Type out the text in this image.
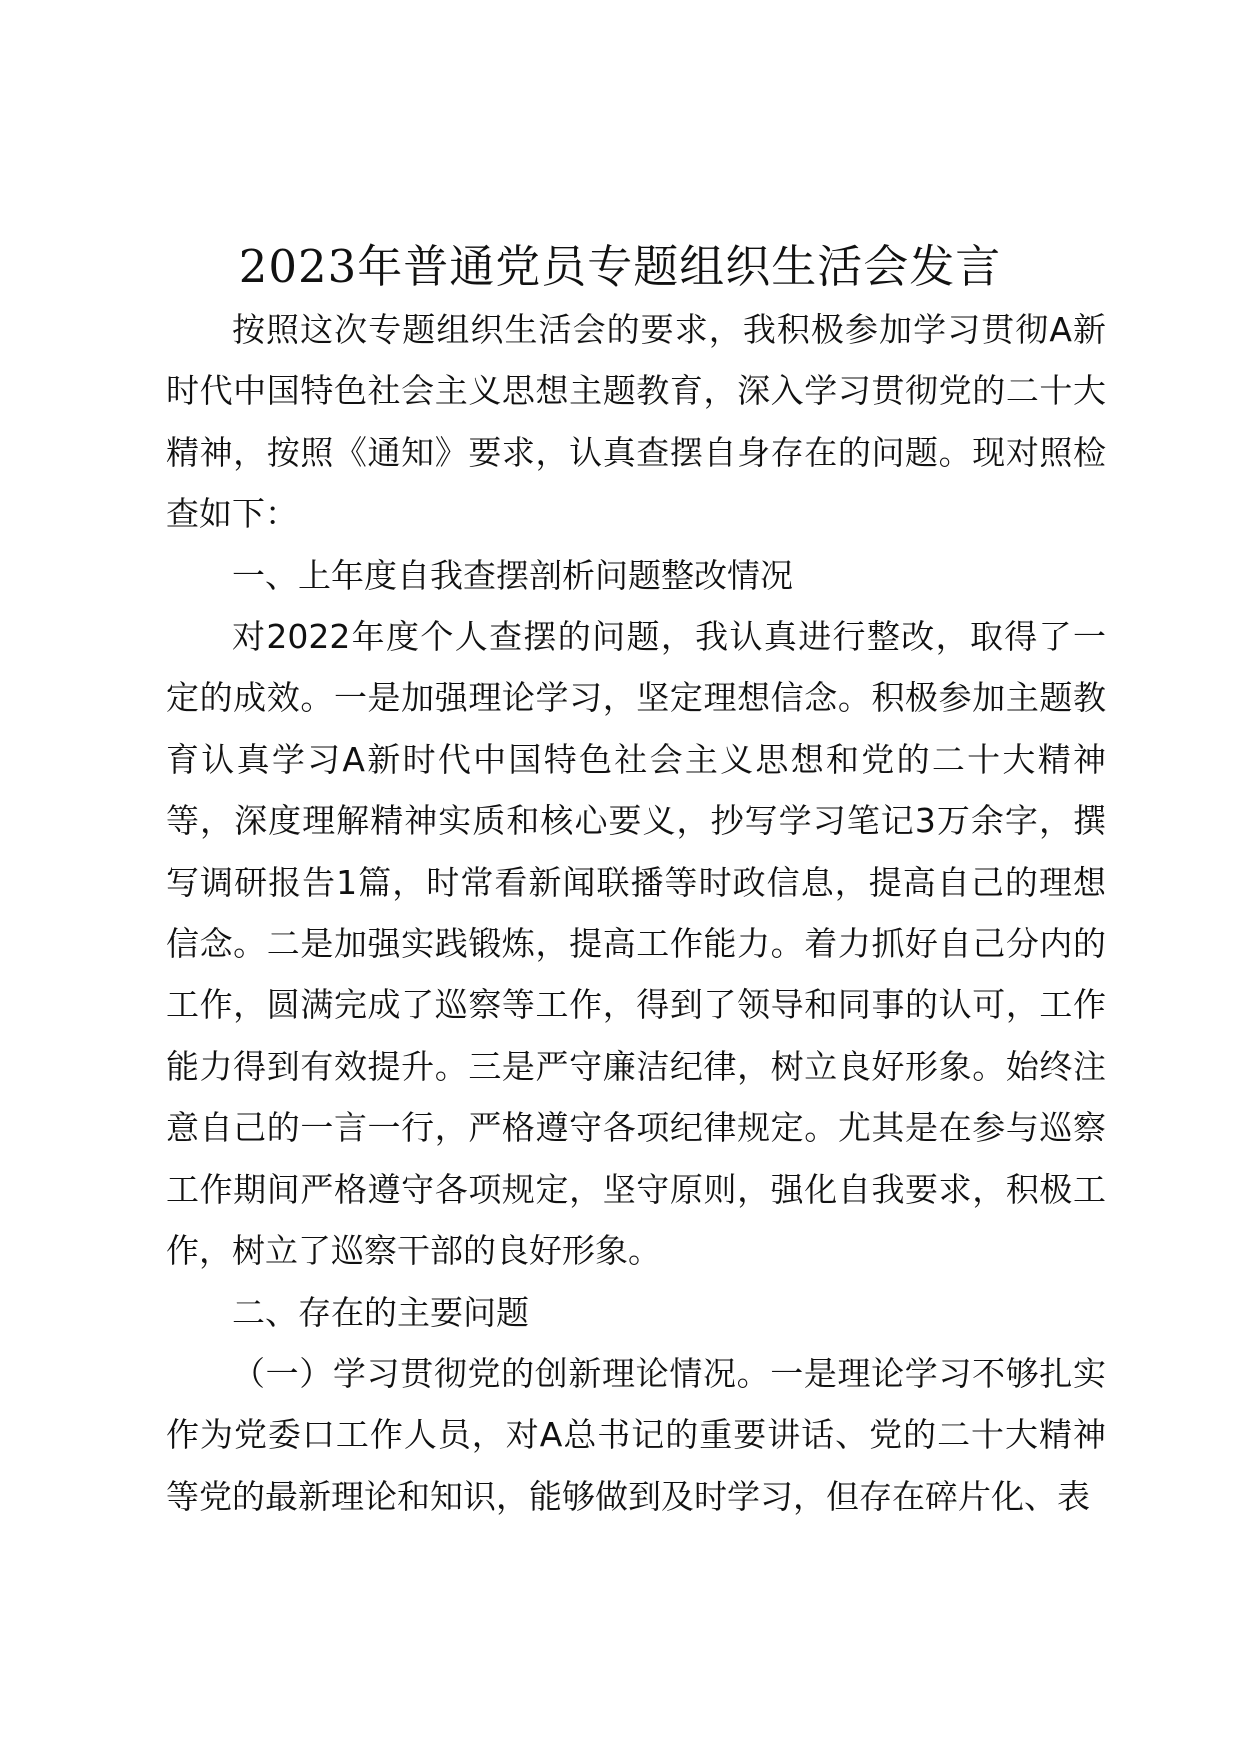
2023年普通党员专题组织生活会发言

按照这次专题组织生活会的要求，我积极参加学习贯彻A新时代中国特色社会主义思想主题教育，深入学习贯彻党的二十大精神，按照《通知》要求，认真查摆自身存在的问题。现对照检查如下：

一、上年度自我查摆剖析问题整改情况

对2022年度个人查摆的问题，我认真进行整改，取得了一定的成效。一是加强理论学习，坚定理想信念。积极参加主题教育认真学习A新时代中国特色社会主义思想和党的二十大精神等，深度理解精神实质和核心要义，抄写学习笔记3万余字，撰写调研报告1篇，时常看新闻联播等时政信息，提高自己的理想信念。二是加强实践锻炼，提高工作能力。着力抓好自己分内的工作，圆满完成了巡察等工作，得到了领导和同事的认可，工作能力得到有效提升。三是严守廉洁纪律，树立良好形象。始终注意自己的一言一行，严格遵守各项纪律规定。尤其是在参与巡察工作期间严格遵守各项规定，坚守原则，强化自我要求，积极工作，树立了巡察干部的良好形象。

二、存在的主要问题

（一）学习贯彻党的创新理论情况。一是理论学习不够扎实作为党委口工作人员，对A总书记的重要讲话、党的二十大精神等党的最新理论和知识，能够做到及时学习，但存在碎片化、表
